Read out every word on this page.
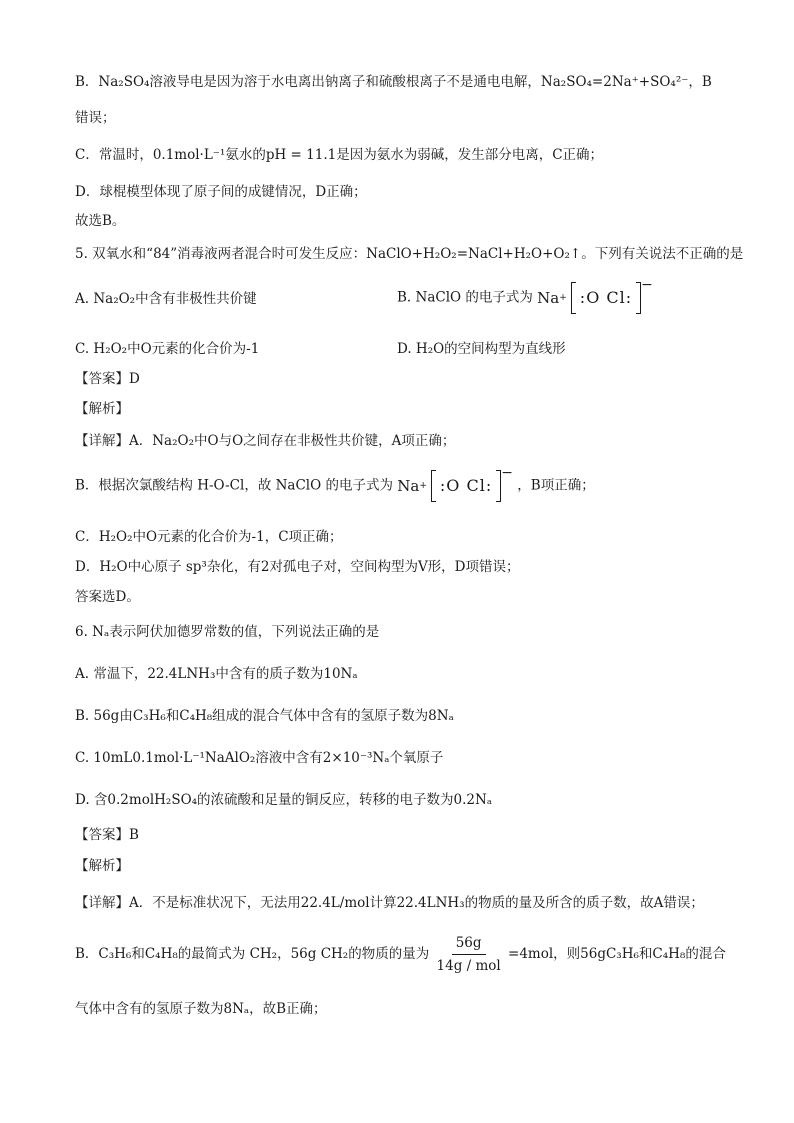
B．Na₂SO₄溶液导电是因为溶于水电离出钠离子和硫酸根离子不是通电电解，Na₂SO₄=2Na⁺+SO₄²⁻，B
错误；
C．常温时，0.1mol·L⁻¹氨水的pH = 11.1是因为氨水为弱碱，发生部分电离，C正确；
D．球棍模型体现了原子间的成键情况，D正确；
故选B。
5. 双氧水和“84”消毒液两者混合时可发生反应：NaClO+H₂O₂=NaCl+H₂O+O₂↑。下列有关说法不正确的是
A. Na₂O₂中含有非极性共价键	B. NaClO 的电子式为 Na + :O Cl:
−
C. H₂O₂中O元素的化合价为-1	D. H₂O的空间构型为直线形
【答案】D
【解析】
【详解】A．Na₂O₂中O与O之间存在非极性共价键，A项正确；
B．根据次氯酸结构 H-O-Cl，故 NaClO 的电子式为 Na + :O Cl:
−
，B项正确；
C．H₂O₂中O元素的化合价为-1，C项正确；
D．H₂O中心原子 sp³杂化，有2对孤电子对，空间构型为V形，D项错误；
答案选D。
6. Nₐ表示阿伏加德罗常数的值，下列说法正确的是
A. 常温下，22.4LNH₃中含有的质子数为10Nₐ
B. 56g由C₃H₆和C₄H₈组成的混合气体中含有的氢原子数为8Nₐ
C. 10mL0.1mol·L⁻¹NaAlO₂溶液中含有2×10⁻³Nₐ个氧原子
D. 含0.2molH₂SO₄的浓硫酸和足量的铜反应，转移的电子数为0.2Nₐ
【答案】B
【解析】
【详解】A．不是标准状况下，无法用22.4L/mol计算22.4LNH₃的物质的量及所含的质子数，故A错误；
B．C₃H₆和C₄H₈的最简式为 CH₂，56g CH₂的物质的量为 $\frac{56g}{\text{14g / mol}} =4mol$，则56gC₃H₆和C₄H₈的混合
气体中含有的氢原子数为8Nₐ，故B正确；
